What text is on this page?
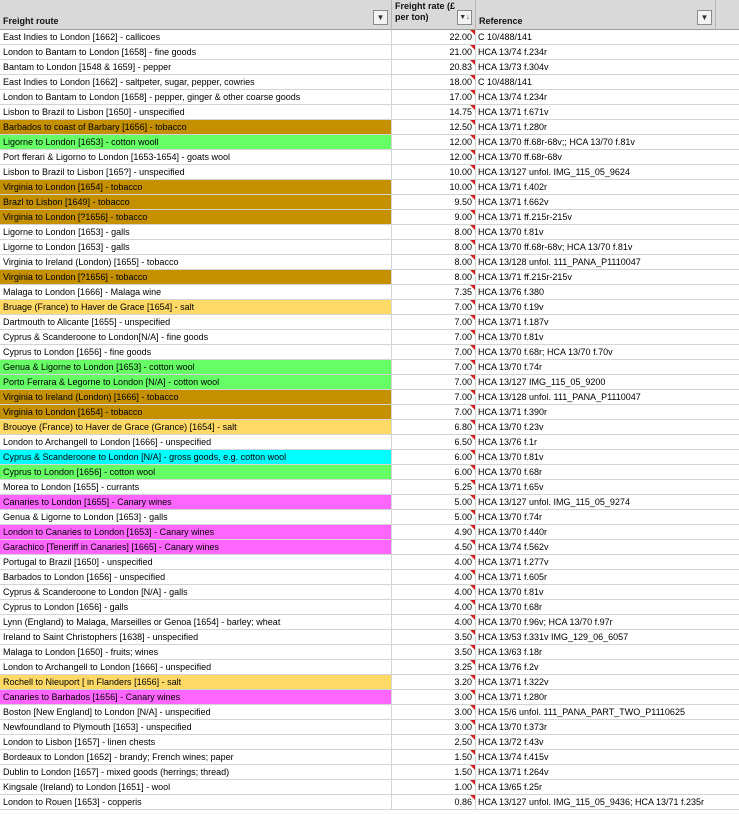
Freight route	▼
Freight rate (£ per ton)	▼↓ Reference	▼
East Indies to London [1662] - callicoes	22.00 C 10/488/141
London to Bantam to London [1658] - fine goods	21.00 HCA 13/74 f.234r
Bantam to London [1548 & 1659] - pepper	20.83 HCA 13/73 f.304v
East Indies to London [1662] - saltpeter, sugar, pepper, cowries	18.00 C 10/488/141
London to Bantam to London [1658] - pepper, ginger & other coarse goods	17.00 HCA 13/74 f.234r
Lisbon to Brazil to Lisbon [1650] - unspecified	14.75 HCA 13/71 f.671v
Barbados to coast of Barbary [1656] - tobacco	12.50 HCA 13/71 f.280r
Ligorne to London [1653] - cotton wooll	12.00 HCA 13/70 ff.68r-68v;; HCA 13/70 f.81v
Port fferari & Ligorno to London [1653-1654] - goats wool	12.00 HCA 13/70 ff.68r-68v
Lisbon to Brazil to Lisbon [165?] - unspecified	10.00 HCA 13/127 unfol. IMG_115_05_9624
Virginia to London [1654] - tobacco	10.00 HCA 13/71 f.402r
Brazl to Lisbon [1649] - tobacco	9.50 HCA 13/71 f.662v
Virginia to London [?1656] - tobacco	9.00 HCA 13/71 ff.215r-215v
Ligorne to London [1653] - galls	8.00 HCA 13/70 f.81v
Ligorne to London [1653] - galls	8.00 HCA 13/70 ff.68r-68v; HCA 13/70 f.81v
Virginia to Ireland (London) [1655] - tobacco	8.00 HCA 13/128 unfol. 111_PANA_P1110047
Virginia to London [?1656] - tobacco	8.00 HCA 13/71 ff.215r-215v
Malaga to London [1666] - Malaga wine	7.35 HCA 13/76 f.380
Bruage (France) to Haver de Grace [1654] - salt	7.00 HCA 13/70 f.19v
Dartmouth to Alicante [1655] - unspecified	7.00 HCA 13/71 f.187v
Cyprus & Scanderoone to London[N/A] - fine goods	7.00 HCA 13/70 f.81v
Cyprus to London [1656] - fine goods	7.00 HCA 13/70 f.68r; HCA 13/70 f.70v
Genua & Ligorne to London [1653] - cotton wool	7.00 HCA 13/70 f.74r
Porto Ferrara & Legorne to London [N/A] - cotton wool	7.00 HCA 13/127 IMG_115_05_9200
Virginia to Ireland (London) [1666] - tobacco	7.00 HCA 13/128 unfol. 111_PANA_P1110047
Virginia to London [1654] - tobacco	7.00 HCA 13/71 f.390r
Brouoye (France) to Haver de Grace (Grance) [1654] - salt	6.80 HCA 13/70 f.23v
London to Archangell to London [1666] - unspecified	6.50 HCA 13/76 f.1r
Cyprus & Scanderoone to London [N/A] - gross goods, e.g. cotton wool	6.00 HCA 13/70 f.81v
Cyprus to London [1656] - cotton wool	6.00 HCA 13/70 f.68r
Morea to London [1655] - currants	5.25 HCA 13/71 f.65v
Canaries to London [1655] - Canary wines	5.00 HCA 13/127 unfol. IMG_115_05_9274
Genua & Ligorne to London [1653] - galls	5.00 HCA 13/70 f.74r
London to Canaries to London [1653] - Canary wines	4.90 HCA 13/70 f.440r
Garachico [Teneriff in Canaries] [1665] - Canary wines	4.50 HCA 13/74 f.562v
Portugal to Brazil [1650] - unspecified	4.00 HCA 13/71 f.277v
Barbados to London [1656] - unspecified	4.00 HCA 13/71 f.605r
Cyprus & Scanderoone to London [N/A] - galls	4.00 HCA 13/70 f.81v
Cyprus to London [1656] - galls	4.00 HCA 13/70 f.68r
Lynn (England) to Malaga, Marseilles or Genoa [1654] - barley; wheat	4.00 HCA 13/70 f.96v; HCA 13/70 f.97r
Ireland to Saint Christophers [1638] - unspecified	3.50 HCA 13/53 f.331v IMG_129_06_6057
Malaga to London [1650] - fruits; wines	3.50 HCA 13/63 f.18r
London to Archangell to London [1666] - unspecified	3.25 HCA 13/76 f.2v
Rochell to Nieuport [ in Flanders [1656] - salt	3.20 HCA 13/71 f.322v
Canaries to Barbados [1656] - Canary wines	3.00 HCA 13/71 f.280r
Boston [New England] to London [N/A] - unspecified	3.00 HCA 15/6 unfol. 111_PANA_PART_TWO_P1110625
Newfoundland to Plymouth [1653] - unspecified	3.00 HCA 13/70 f.373r
London to Lisbon [1657] - linen chests	2.50 HCA 13/72 f.43v
Bordeaux to London [1652] - brandy; French wines; paper	1.50 HCA 13/74 f.415v
Dublin to London [1657] - mixed goods (herrings; thread)	1.50 HCA 13/71 f.264v
Kingsale (Ireland) to London [1651] - wool	1.00 HCA 13/65 f.25r
London to Rouen [1653] - copperis	0.86 HCA 13/127 unfol. IMG_115_05_9436; HCA 13/71 f.235r
